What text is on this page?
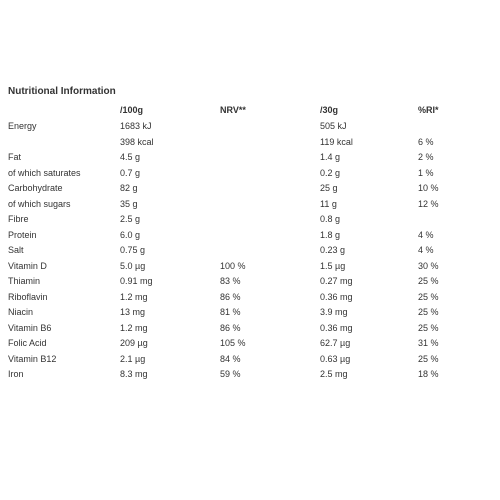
Nutritional Information
	/100g	NRV**	/30g	%RI*
Energy	1683 kJ		505 kJ	
	398 kcal		119 kcal	6 %
Fat	4.5 g		1.4 g	2 %
of which saturates	0.7 g		0.2 g	1 %
Carbohydrate	82 g		25 g	10 %
of which sugars	35 g		11 g	12 %
Fibre	2.5 g		0.8 g	
Protein	6.0 g		1.8 g	4 %
Salt	0.75 g		0.23 g	4 %
Vitamin D	5.0 µg	100 %	1.5 µg	30 %
Thiamin	0.91 mg	83 %	0.27 mg	25 %
Riboflavin	1.2 mg	86 %	0.36 mg	25 %
Niacin	13 mg	81 %	3.9 mg	25 %
Vitamin B6	1.2 mg	86 %	0.36 mg	25 %
Folic Acid	209 µg	105 %	62.7 µg	31 %
Vitamin B12	2.1 µg	84 %	0.63 µg	25 %
Iron	8.3 mg	59 %	2.5 mg	18 %
